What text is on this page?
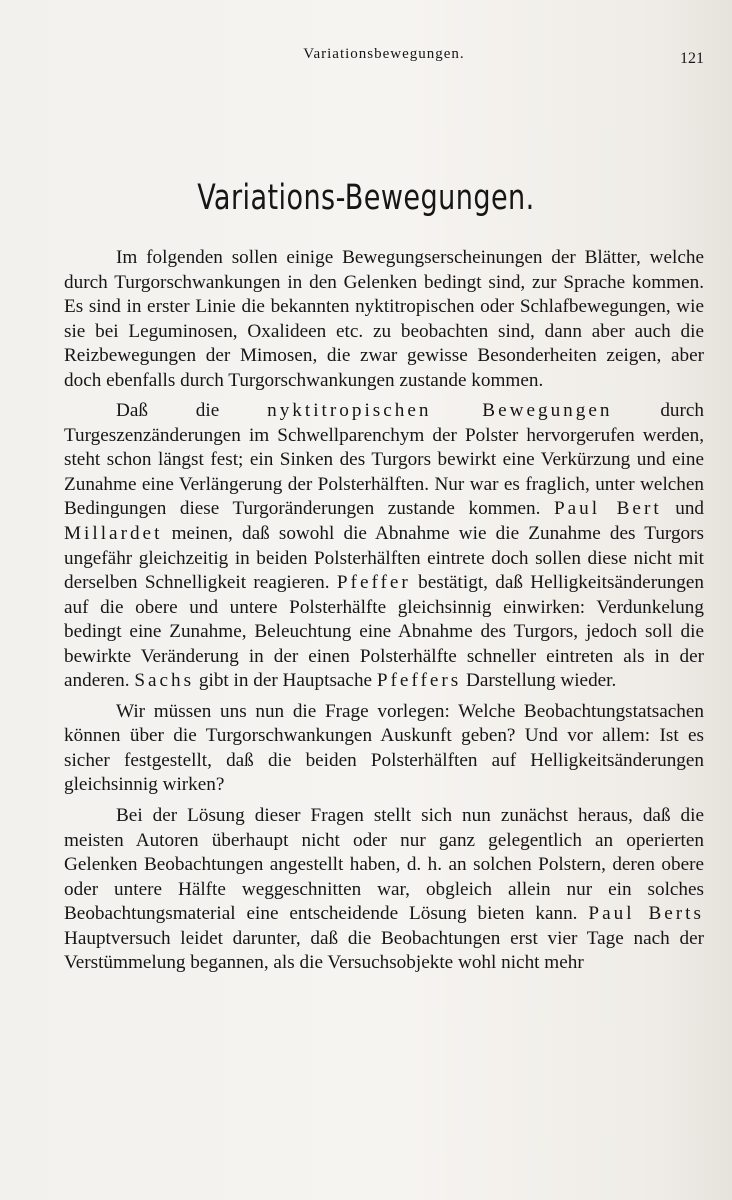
Variationsbewegungen.	121
Variations-Bewegungen.

Im folgenden sollen einige Bewegungserscheinungen der Blätter, welche durch Turgorschwankungen in den Gelenken bedingt sind, zur Sprache kommen. Es sind in erster Linie die bekannten nyktitropischen oder Schlafbewegungen, wie sie bei Leguminosen, Oxalideen etc. zu beobachten sind, dann aber auch die Reizbewegungen der Mimosen, die zwar gewisse Besonderheiten zeigen, aber doch ebenfalls durch Turgorschwankungen zustande kommen.

Daß die nyktitropischen Bewegungen durch Turgeszenzänderungen im Schwellparenchym der Polster hervorgerufen werden, steht schon längst fest; ein Sinken des Turgors bewirkt eine Verkürzung und eine Zunahme eine Verlängerung der Polsterhälften. Nur war es fraglich, unter welchen Bedingungen diese Turgoränderungen zustande kommen. Paul Bert und Millardet meinen, daß sowohl die Abnahme wie die Zunahme des Turgors ungefähr gleichzeitig in beiden Polsterhälften eintrete doch sollen diese nicht mit derselben Schnelligkeit reagieren. Pfeffer bestätigt, daß Helligkeitsänderungen auf die obere und untere Polsterhälfte gleichsinnig einwirken: Verdunkelung bedingt eine Zunahme, Beleuchtung eine Abnahme des Turgors, jedoch soll die bewirkte Veränderung in der einen Polsterhälfte schneller eintreten als in der anderen. Sachs gibt in der Hauptsache Pfeffers Darstellung wieder.

Wir müssen uns nun die Frage vorlegen: Welche Beobachtungstatsachen können über die Turgorschwankungen Auskunft geben? Und vor allem: Ist es sicher festgestellt, daß die beiden Polsterhälften auf Helligkeitsänderungen gleichsinnig wirken?

Bei der Lösung dieser Fragen stellt sich nun zunächst heraus, daß die meisten Autoren überhaupt nicht oder nur ganz gelegentlich an operierten Gelenken Beobachtungen angestellt haben, d. h. an solchen Polstern, deren obere oder untere Hälfte weggeschnitten war, obgleich allein nur ein solches Beobachtungsmaterial eine entscheidende Lösung bieten kann. Paul Berts Hauptversuch leidet darunter, daß die Beobachtungen erst vier Tage nach der Verstümmelung begannen, als die Versuchsobjekte wohl nicht mehr
